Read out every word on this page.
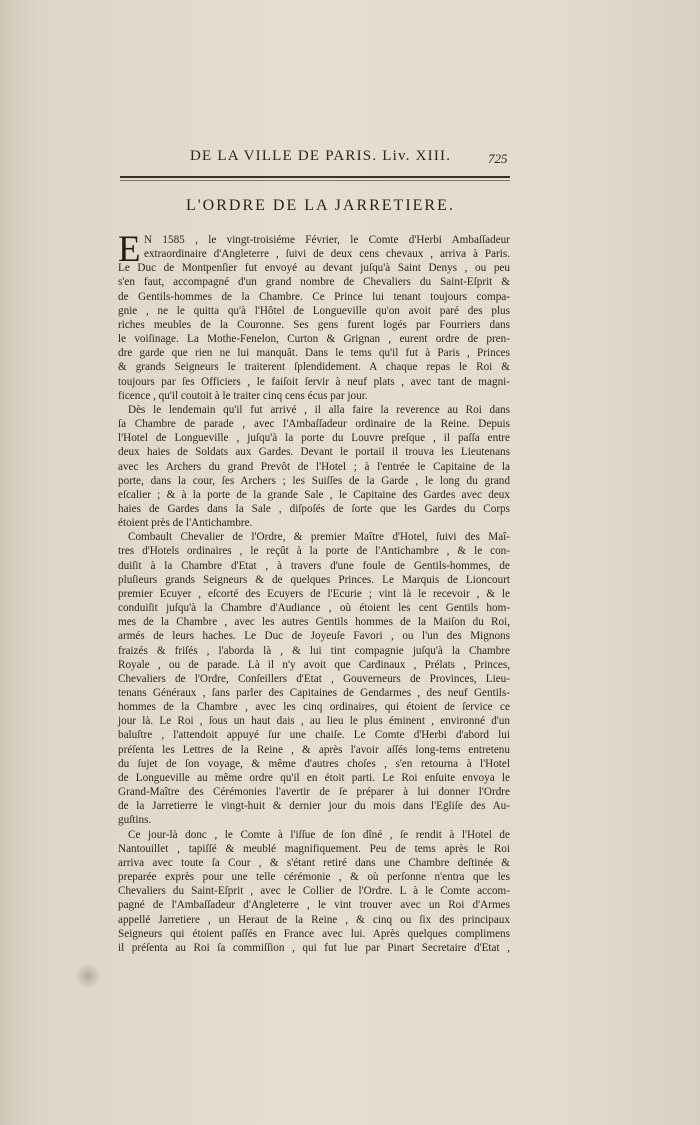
DE LA VILLE DE PARIS. Liv. XIII.	725
L'ORDRE DE LA JARRETIERE.
E N 1585 , le vingt-troisiéme Février, le Comte d'Herbi Ambaſſadeur
extraordinaire d'Angleterre , ſuivi de deux cens chevaux , arriva à Paris.
Le Duc de Montpenſier fut envoyé au devant juſqu'à Saint Denys , ou peu
s'en faut, accompagné d'un grand nombre de Chevaliers du Saint-Eſprit &
de Gentils-hommes de la Chambre. Ce Prince lui tenant toujours compa-
gnie , ne le quitta qu'à l'Hôtel de Longueville qu'on avoit paré des plus
riches meubles de la Couronne. Ses gens furent logés par Fourriers dans
le voiſinage. La Mothe-Fenelon, Curton & Grignan , eurent ordre de pren-
dre garde que rien ne lui manquât. Dans le tems qu'il fut à Paris , Princes
& grands Seigneurs le traiterent ſplendidement. A chaque repas le Roi &
toujours par ſes Officiers , le faiſoit ſervir à neuf plats , avec tant de magni-
ficence , qu'il coutoit à le traiter cinq cens écus par jour.
Dès le lendemain qu'il fut arrivé , il alla faire la reverence au Roi dans
ſa Chambre de parade , avec l'Ambaſſadeur ordinaire de la Reine. Depuis
l'Hotel de Longueville , juſqu'à la porte du Louvre preſque , il paſſa entre
deux haies de Soldats aux Gardes. Devant le portail il trouva les Lieutenans
avec les Archers du grand Prevôt de l'Hotel ; à l'entrée le Capitaine de la
porte, dans la cour, ſes Archers ; les Suiſſes de la Garde , le long du grand
eſcalier ; & à la porte de la grande Sale , le Capitaine des Gardes avec deux
haies de Gardes dans la Sale , diſpoſés de ſorte que les Gardes du Corps
étoient près de l'Antichambre.
Combault Chevalier de l'Ordre, & premier Maître d'Hotel, ſuivi des Maî-
tres d'Hotels ordinaires , le reçût à la porte de l'Antichambre , & le con-
duiſit à la Chambre d'Etat , à travers d'une foule de Gentils-hommes, de
pluſieurs grands Seigneurs & de quelques Princes. Le Marquis de Lioncourt
premier Ecuyer , eſcorté des Ecuyers de l'Ecurie ; vint là le recevoir , & le
conduiſit juſqu'à la Chambre d'Audiance , où étoient les cent Gentils hom-
mes de la Chambre , avec les autres Gentils hommes de la Maiſon du Roi,
armés de leurs haches. Le Duc de Joyeuſe Favori , ou l'un des Mignons
fraizés & friſés , l'aborda là , & lui tint compagnie juſqu'à la Chambre
Royale , ou de parade. Là il n'y avoit que Cardinaux , Prélats , Princes,
Chevaliers de l'Ordre, Conſeillers d'Etat , Gouverneurs de Provinces, Lieu-
tenans Généraux , ſans parler des Capitaines de Gendarmes , des neuf Gentils-
hommes de la Chambre , avec les cinq ordinaires, qui étoient de ſervice ce
jour là. Le Roi , ſous un haut dais , au lieu le plus éminent , environné d'un
baluſtre , l'attendoit appuyé ſur une chaiſe. Le Comte d'Herbi d'abord lui
préſenta les Lettres de la Reine , & après l'avoir aſſés long-tems entretenu
du ſujet de ſon voyage, & même d'autres choſes , s'en retourna à l'Hotel
de Longueville au même ordre qu'il en étoit parti. Le Roi enſuite envoya le
Grand-Maître des Cérémonies l'avertir de ſe préparer à lui donner l'Ordre
de la Jarretierre le vingt-huit & dernier jour du mois dans l'Egliſe des Au-
guſtins.
Ce jour-là donc , le Comte à l'iſſue de ſon dîné , ſe rendit à l'Hotel de
Nantouillet , tapiſſé & meublé magnifiquement. Peu de tems après le Roi
arriva avec toute ſa Cour , & s'étant retiré dans une Chambre deſtinée &
preparée exprès pour une telle cérémonie , & où perſonne n'entra que les
Chevaliers du Saint-Eſprit , avec le Collier de l'Ordre. L à le Comte accom-
pagné de l'Ambaſſadeur d'Angleterre , le vint trouver avec un Roi d'Armes
appellé Jarretiere , un Heraut de la Reine , & cinq ou ſix des principaux
Seigneurs qui étoient paſſés en France avec lui. Après quelques complimens
il préſenta au Roi ſa commiſſion , qui fut lue par Pinart Secretaire d'Etat ,
